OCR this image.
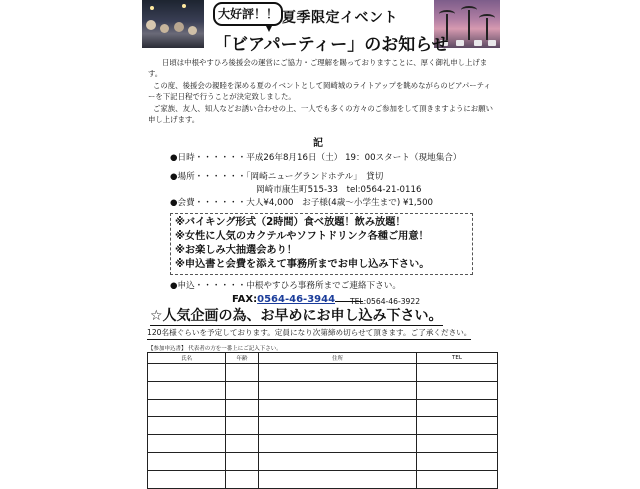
大好評！！ 夏季限定イベント
「ビアパーティー」のお知らせ
日頃は中根やすひろ後援会の運営にご協力・ご理解を賜っておりますことに、厚く御礼申し上げます。
この度、後援会の親睦を深める夏のイベントとして岡崎城のライトアップを眺めながらのビアパーティーを下記日程で行うことが決定致しました。
ご家族、友人、知人などお誘い合わせの上、一人でも多くの方々のご参加をして頂きますようにお願い申し上げます。
記
●日時・・・・・・平成26年8月16日（土） 19：00スタート（現地集合）
●場所・・・・・・「岡崎ニューグランドホテル」　貸切
岡崎市康生町515-33　tel:0564-21-0116
●会費・・・・・・大人¥4,000　お子様(4歳～小学生まで) ¥1,500
※バイキング形式（2時間）食べ放題！飲み放題！
※女性に人気のカクテルやソフトドリンク各種ご用意！
※お楽しみ大抽選会あり！
※申込書と会費を添えて事務所までお申し込み下さい。
●申込・・・・・・中根やすひろ事務所までご連絡下さい。
FAX:0564-46-3944	TEL:0564-46-3922
☆人気企画の為、お早めにお申し込み下さい。
120名様ぐらいを予定しております。定員になり次第締め切らせて頂きます。ご了承ください。
【参加申込書】 代表者の方を一番上にご記入下さい。
氏名	年齢	住所	TEL
